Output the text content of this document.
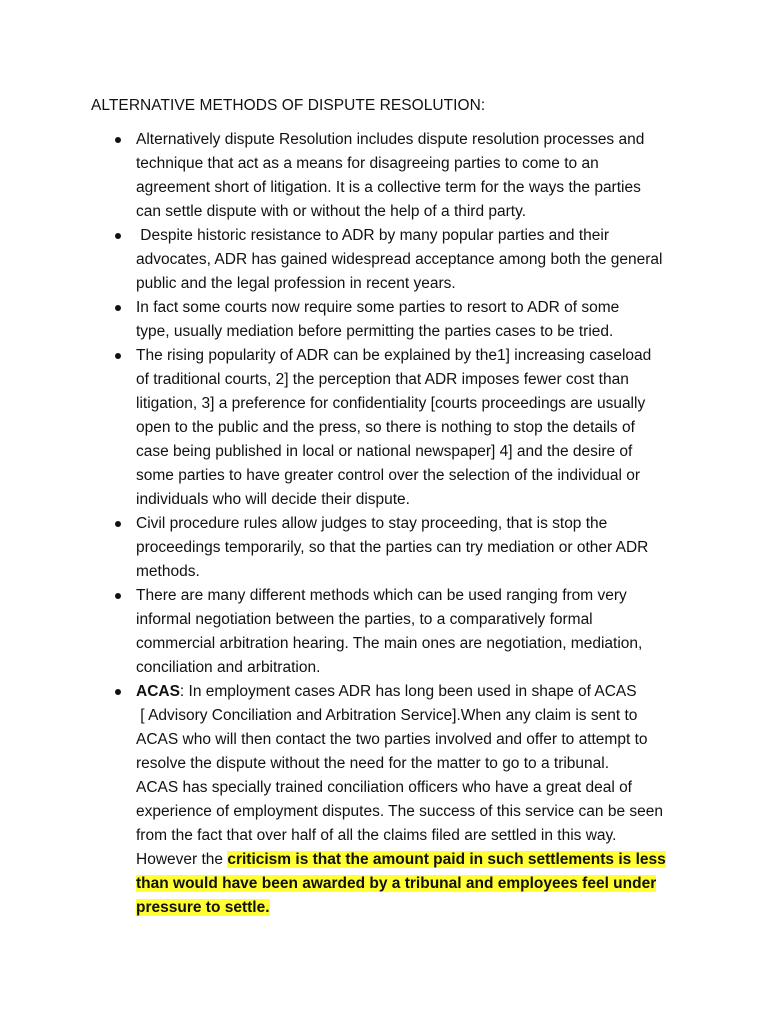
ALTERNATIVE METHODS OF DISPUTE RESOLUTION:
Alternatively dispute Resolution includes dispute resolution processes and
technique that act as a means for disagreeing parties to come to an
agreement short of litigation. It is a collective term for the ways the parties
can settle dispute with or without the help of a third party.
Despite historic resistance to ADR by many popular parties and their
advocates, ADR has gained widespread acceptance among both the general
public and the legal profession in recent years.
In fact some courts now require some parties to resort to ADR of some
type, usually mediation before permitting the parties cases to be tried.
The rising popularity of ADR can be explained by the1] increasing caseload
of traditional courts, 2] the perception that ADR imposes fewer cost than
litigation, 3] a preference for confidentiality [courts proceedings are usually
open to the public and the press, so there is nothing to stop the details of
case being published in local or national newspaper] 4] and the desire of
some parties to have greater control over the selection of the individual or
individuals who will decide their dispute.
Civil procedure rules allow judges to stay proceeding, that is stop the
proceedings temporarily, so that the parties can try mediation or other ADR
methods.
There are many different methods which can be used ranging from very
informal negotiation between the parties, to a comparatively formal
commercial arbitration hearing. The main ones are negotiation, mediation,
conciliation and arbitration.
ACAS: In employment cases ADR has long been used in shape of ACAS
[ Advisory Conciliation and Arbitration Service].When any claim is sent to
ACAS who will then contact the two parties involved and offer to attempt to
resolve the dispute without the need for the matter to go to a tribunal.
ACAS has specially trained conciliation officers who have a great deal of
experience of employment disputes. The success of this service can be seen
from the fact that over half of all the claims filed are settled in this way.
However the criticism is that the amount paid in such settlements is less
than would have been awarded by a tribunal and employees feel under
pressure to settle.
